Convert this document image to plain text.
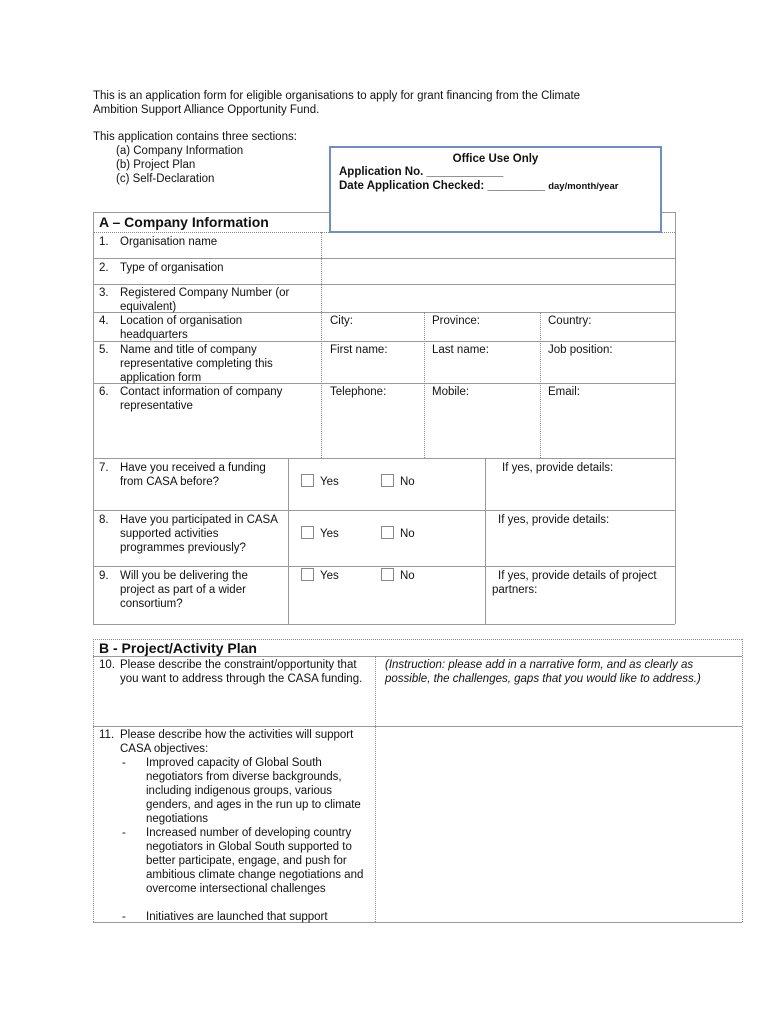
This is an application form for eligible organisations to apply for grant financing from the Climate
Ambition Support Alliance Opportunity Fund.
This application contains three sections:
(a) Company Information
(b) Project Plan
(c) Self-Declaration
Office Use Only
Application No. ____________
Date Application Checked: _________ day/month/year
A – Company Information
1. Organisation name
2. Type of organisation
3. Registered Company Number (or equivalent)
4. Location of organisation headquarters
City:	Province:	Country:
5. Name and title of company representative completing this application form
First name:	Last name:	Job position:
6. Contact information of company representative
Telephone:	Mobile:	Email:
7. Have you received a funding from CASA before?	Yes	No
If yes, provide details:
8. Have you participated in CASA supported activities programmes previously?
Yes	No
If yes, provide details:
9. Will you be delivering the project as part of a wider consortium?
Yes	No	If yes, provide details of project          partners:
B - Project/Activity Plan
10. Please describe the constraint/opportunity that you want to address through the CASA funding.
(Instruction: please add in a narrative form, and as clearly as possible, the challenges, gaps that you would like to address.)
11. Please describe how the activities will support CASA objectives:
- Improved capacity of Global South negotiators from diverse backgrounds, including indigenous groups, various genders, and ages in the run up to climate negotiations
- Increased number of developing country negotiators in Global South supported to better participate, engage, and push for ambitious climate change negotiations and overcome intersectional challenges
- Initiatives are launched that support
